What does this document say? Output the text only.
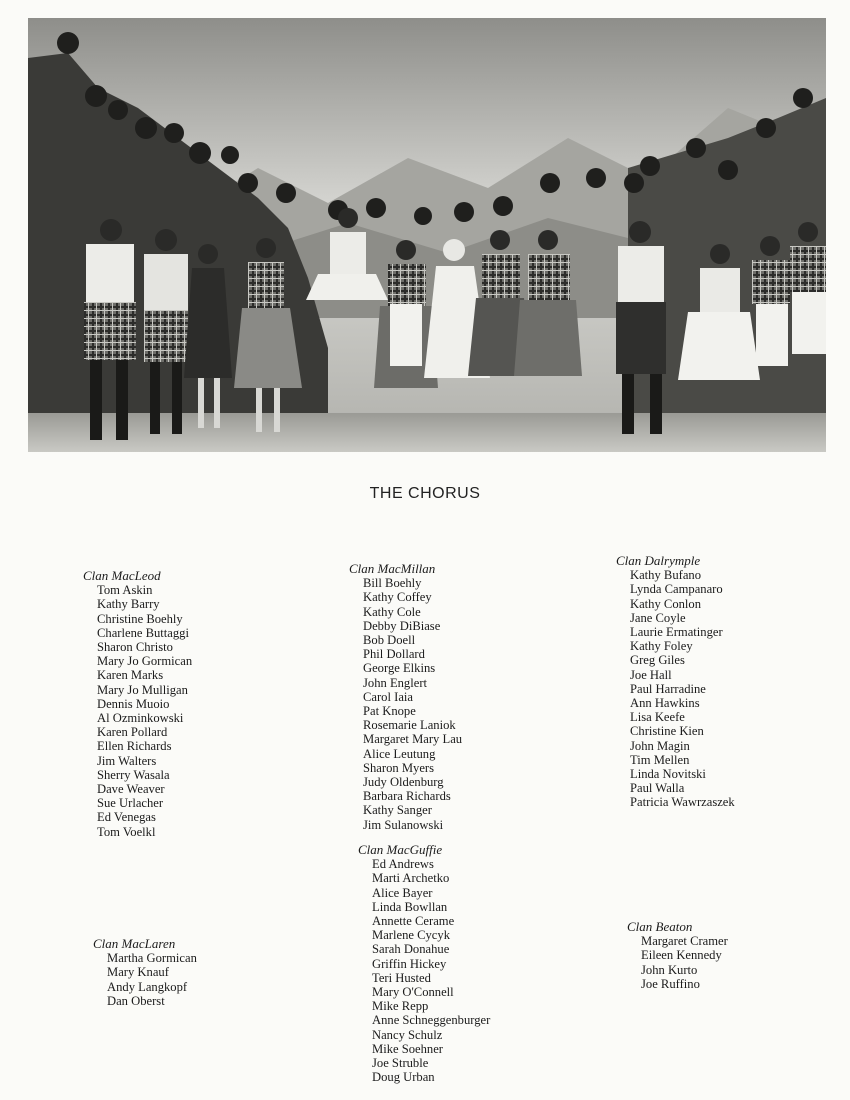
THE CHORUS
Clan MacLeod
Tom Askin
Kathy Barry
Christine Boehly
Charlene Buttaggi
Sharon Christo
Mary Jo Gormican
Karen Marks
Mary Jo Mulligan
Dennis Muoio
Al Ozminkowski
Karen Pollard
Ellen Richards
Jim Walters
Sherry Wasala
Dave Weaver
Sue Urlacher
Ed Venegas
Tom Voelkl
Clan MacLaren
Martha Gormican
Mary Knauf
Andy Langkopf
Dan Oberst
Clan MacMillan
Bill Boehly
Kathy Coffey
Kathy Cole
Debby DiBiase
Bob Doell
Phil Dollard
George Elkins
John Englert
Carol Iaia
Pat Knope
Rosemarie Laniok
Margaret Mary Lau
Alice Leutung
Sharon Myers
Judy Oldenburg
Barbara Richards
Kathy Sanger
Jim Sulanowski
Clan MacGuffie
Ed Andrews
Marti Archetko
Alice Bayer
Linda Bowllan
Annette Cerame
Marlene Cycyk
Sarah Donahue
Griffin Hickey
Teri Husted
Mary O'Connell
Mike Repp
Anne Schneggenburger
Nancy Schulz
Mike Soehner
Joe Struble
Doug Urban
Clan Dalrymple
Kathy Bufano
Lynda Campanaro
Kathy Conlon
Jane Coyle
Laurie Ermatinger
Kathy Foley
Greg Giles
Joe Hall
Paul Harradine
Ann Hawkins
Lisa Keefe
Christine Kien
John Magin
Tim Mellen
Linda Novitski
Paul Walla
Patricia Wawrzaszek
Clan Beaton
Margaret Cramer
Eileen Kennedy
John Kurto
Joe Ruffino
